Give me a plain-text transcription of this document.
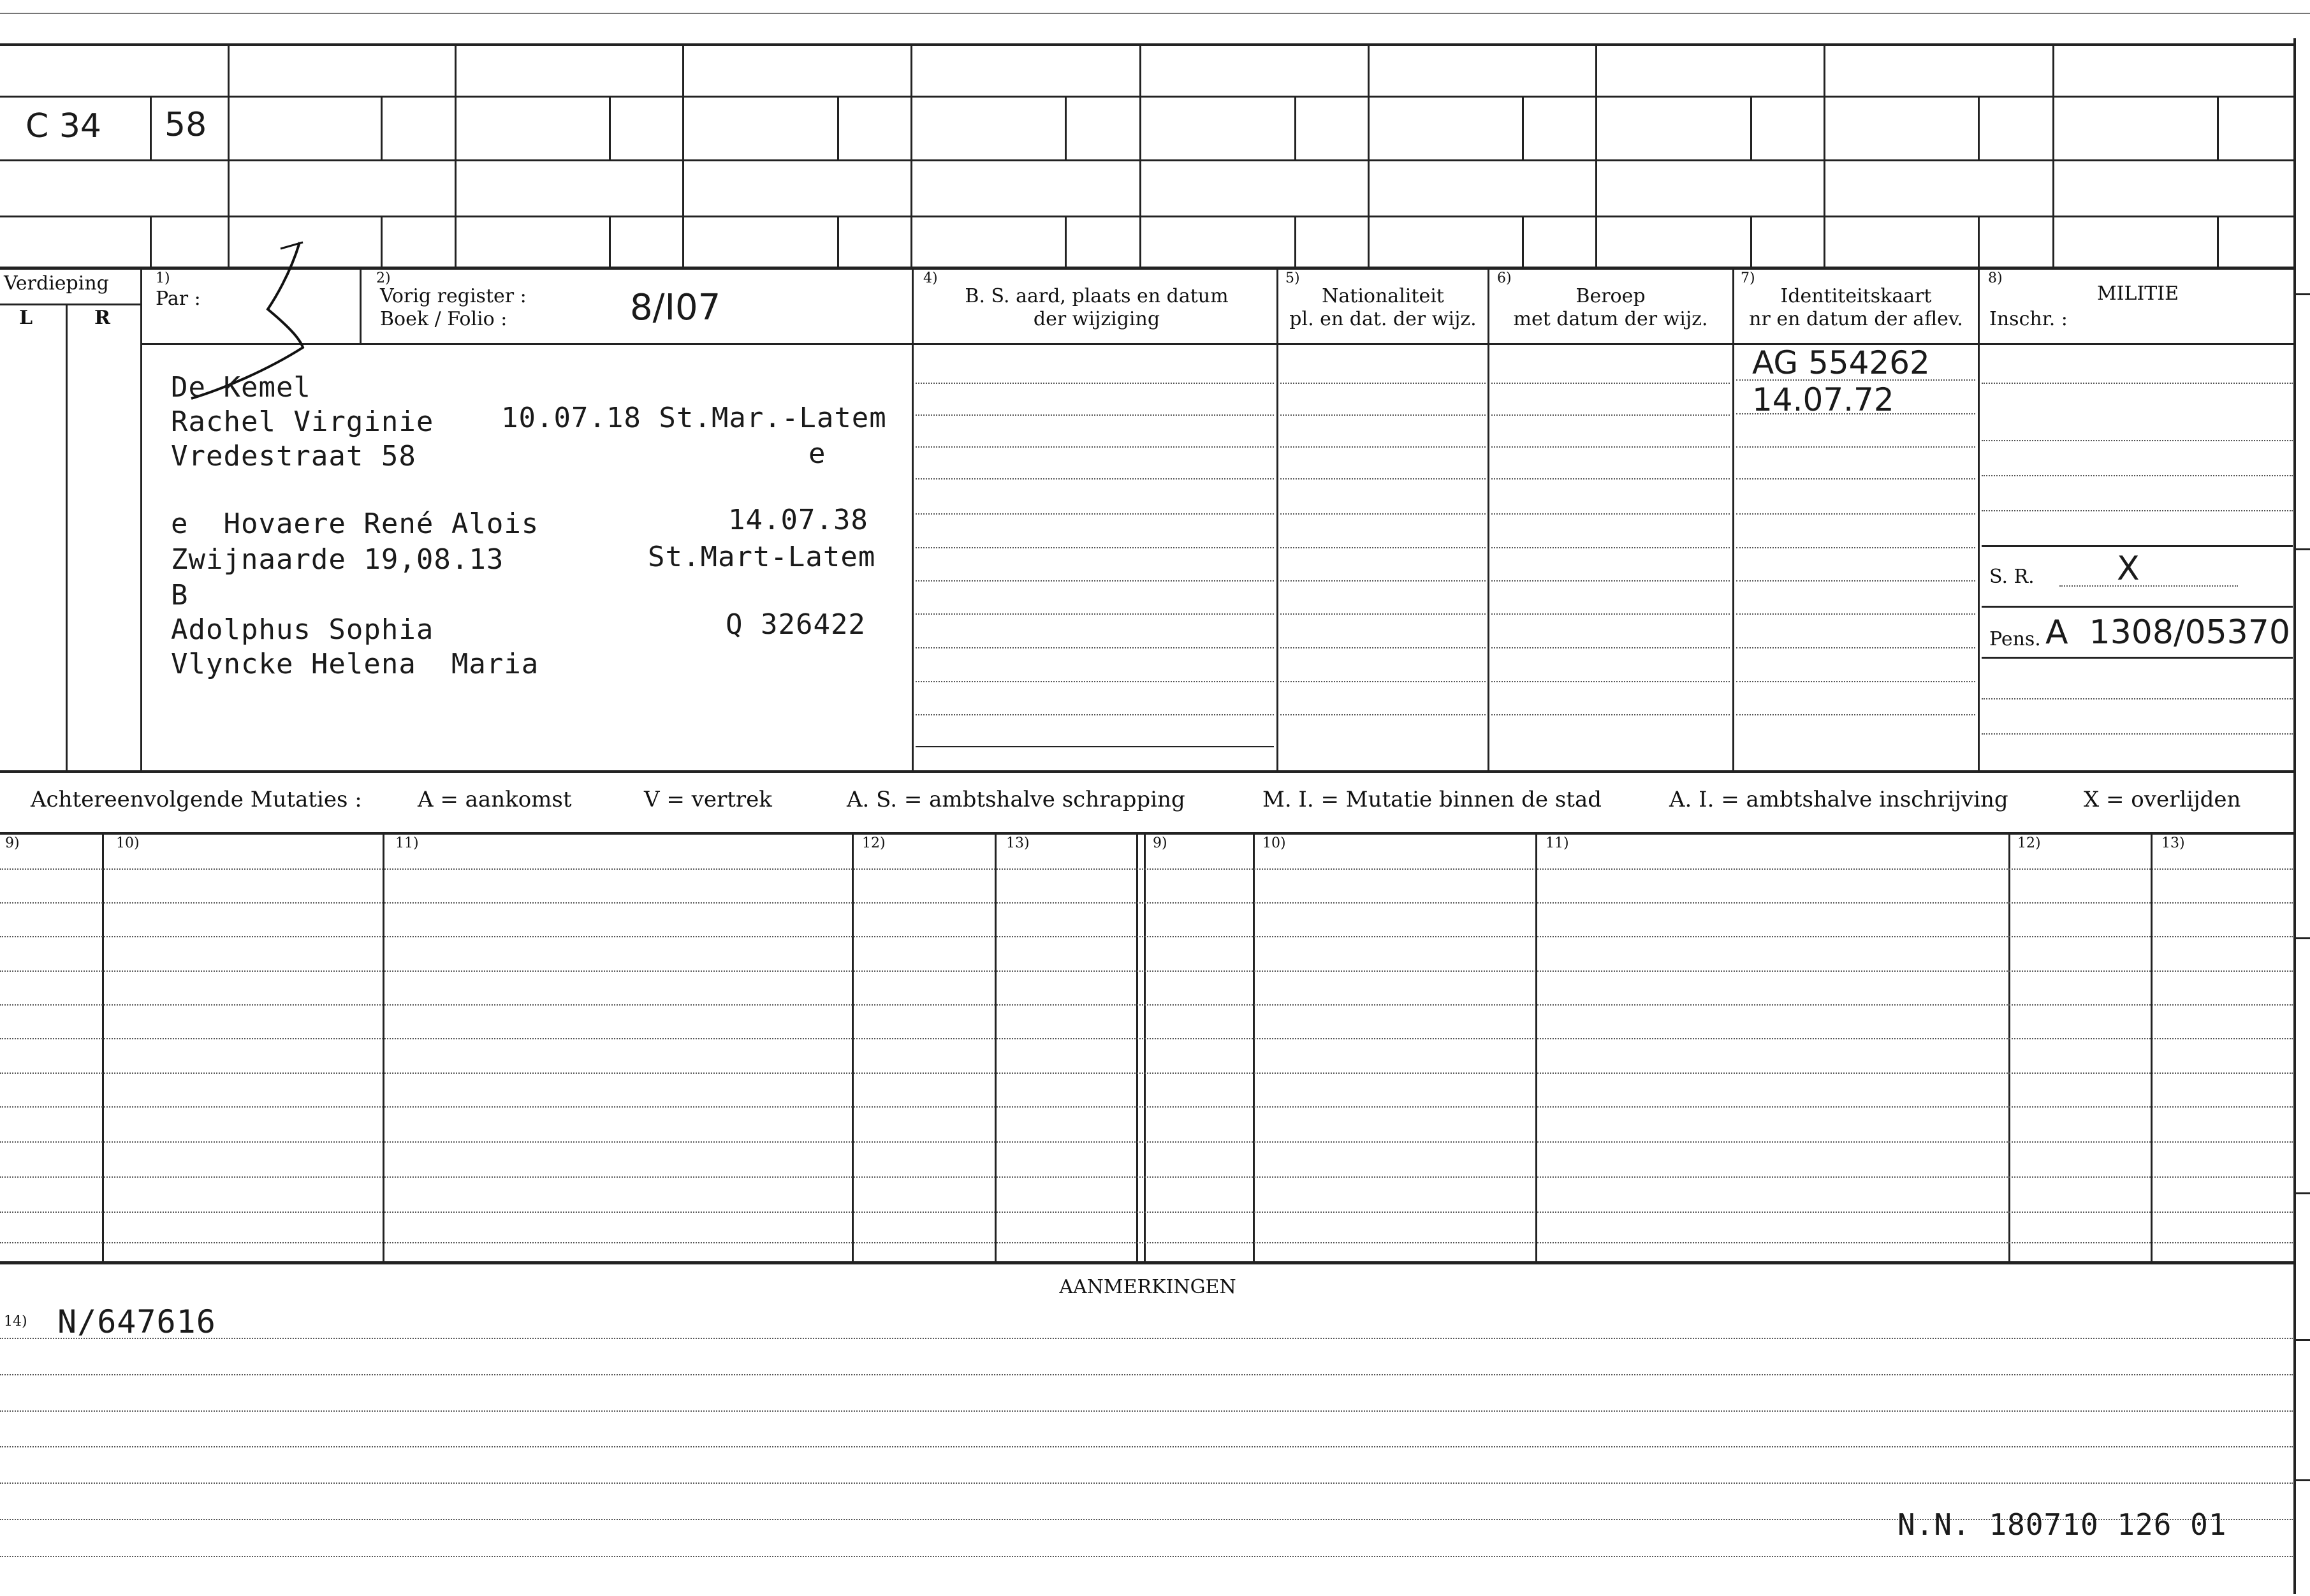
C 34 58
Verdieping
L	R
1)
Par :
2)
Vorig register :
Boek / Folio :	8/I07
4)
B. S. aard, plaats en datum
der wijziging
5)
Nationaliteit
pl. en dat. der wijz.
6)
Beroep
met datum der wijz.
7)
Identiteitskaart
nr en datum der aflev.
8)
MILITIE
Inschr. :
De Kemel
Rachel Virginie 10.07.18 St.Mar.-Latem
Vredestraat 58	e
e  Hovaere René Alois	14.07.38
Zwijnaarde 19,08.13	St.Mart-Latem
B
Adolphus Sophia	Q 326422
Vlyncke Helena  Maria
AG 554262
14.07.72
S. R. X
Pens. A  1308/05370
Achtereenvolgende Mutaties :	A = aankomst	V = vertrek	A. S. = ambtshalve schrapping	M. I. = Mutatie binnen de stad	A. I. = ambtshalve inschrijving	X = overlijden
9)	10)	11)	12)	13)	9)	10)	11)	12)	13)
AANMERKINGEN
14) N/647616
N.N. 180710 126 01
